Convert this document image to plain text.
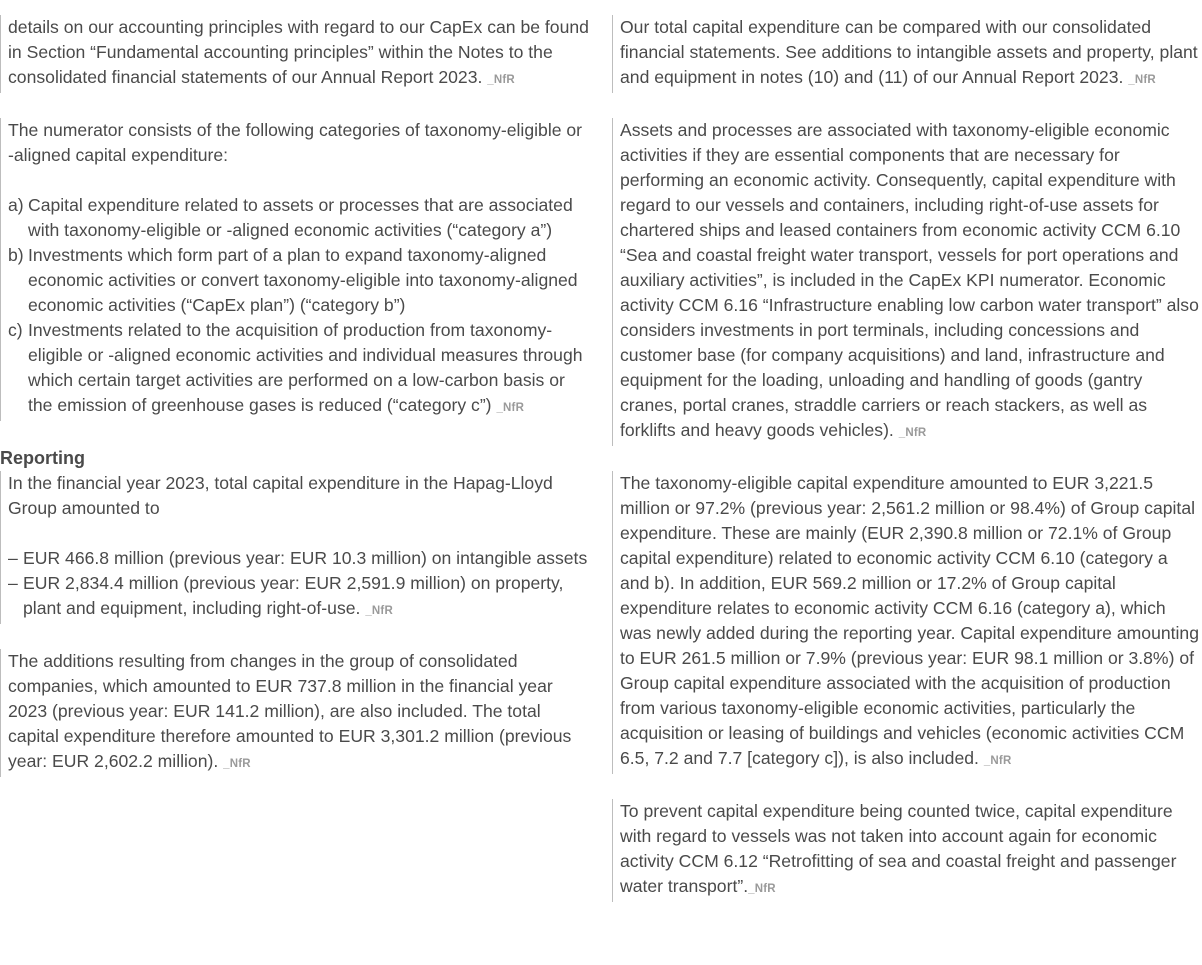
details on our accounting principles with regard to our CapEx can be found in Section “Fundamental accounting principles” within the Notes to the consolidated financial statements of our Annual Report 2023. _NfR

The numerator consists of the following categories of taxonomy-eligible or -aligned capital expenditure:

a) Capital expenditure related to assets or processes that are associated with taxonomy-eligible or -aligned economic activities (“category a”)
b) Investments which form part of a plan to expand taxonomy-aligned economic activities or convert taxonomy-eligible into taxonomy-aligned economic activities (“CapEx plan”) (“category b”)
c) Investments related to the acquisition of production from taxonomy-eligible or -aligned economic activities and individual measures through which certain target activities are performed on a low-carbon basis or the emission of greenhouse gases is reduced (“category c”) _NfR
Reporting

In the financial year 2023, total capital expenditure in the Hapag-Lloyd Group amounted to

– EUR 466.8 million (previous year: EUR 10.3 million) on intangible assets
– EUR 2,834.4 million (previous year: EUR 2,591.9 million) on property, plant and equipment, including right-of-use. _NfR

The additions resulting from changes in the group of consolidated companies, which amounted to EUR 737.8 million in the financial year 2023 (previous year: EUR 141.2 million), are also included. The total capital expenditure therefore amounted to EUR 3,301.2 million (previous year: EUR 2,602.2 million). _NfR

Our total capital expenditure can be compared with our consolidated financial statements. See additions to intangible assets and property, plant and equipment in notes (10) and (11) of our Annual Report 2023. _NfR

Assets and processes are associated with taxonomy-eligible economic activities if they are essential components that are necessary for performing an economic activity. Consequently, capital expenditure with regard to our vessels and containers, including right-of-use assets for chartered ships and leased containers from economic activity CCM 6.10 “Sea and coastal freight water transport, vessels for port operations and auxiliary activities”, is included in the CapEx KPI numerator. Economic activity CCM 6.16 “Infrastructure enabling low carbon water transport” also considers investments in port terminals, including concessions and customer base (for company acquisitions) and land, infrastructure and equipment for the loading, unloading and handling of goods (gantry cranes, portal cranes, straddle carriers or reach stackers, as well as forklifts and heavy goods vehicles). _NfR

The taxonomy-eligible capital expenditure amounted to EUR 3,221.5 million or 97.2% (previous year: 2,561.2 million or 98.4%) of Group capital expenditure. These are mainly (EUR 2,390.8 million or 72.1% of Group capital expenditure) related to economic activity CCM 6.10 (category a and b). In addition, EUR 569.2 million or 17.2% of Group capital expenditure relates to economic activity CCM 6.16 (category a), which was newly added during the reporting year. Capital expenditure amounting to EUR 261.5 million or 7.9% (previous year: EUR 98.1 million or 3.8%) of Group capital expenditure associated with the acquisition of production from various taxonomy-eligible economic activities, particularly the acquisition or leasing of buildings and vehicles (economic activities CCM 6.5, 7.2 and 7.7 [category c]), is also included. _NfR

To prevent capital expenditure being counted twice, capital expenditure with regard to vessels was not taken into account again for economic activity CCM 6.12 “Retrofitting of sea and coastal freight and passenger water transport”._NfR
